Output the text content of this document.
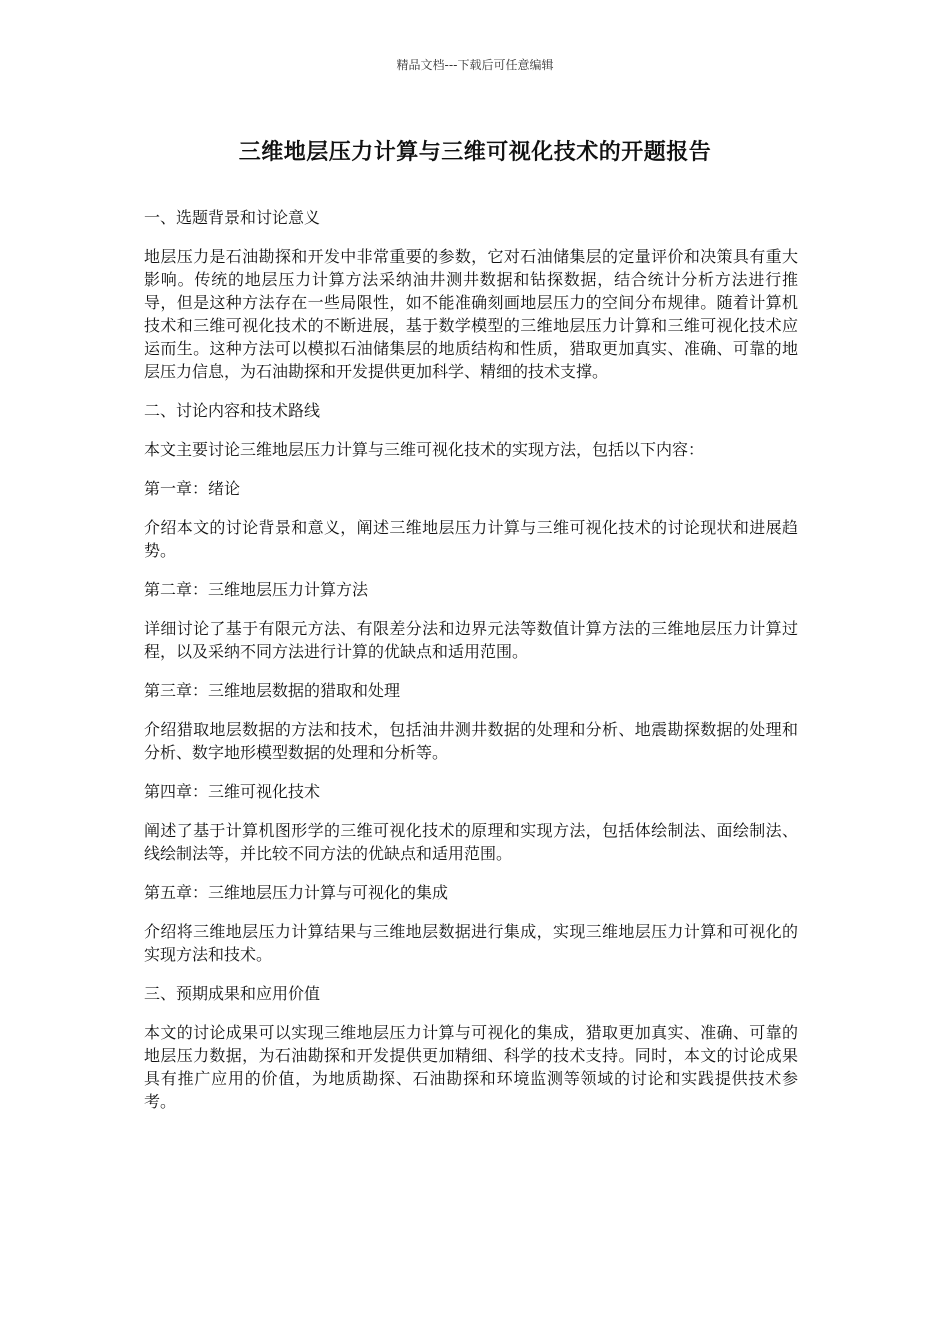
精品文档---下载后可任意编辑
三维地层压力计算与三维可视化技术的开题报告

一、选题背景和讨论意义

地层压力是石油勘探和开发中非常重要的参数，它对石油储集层的定量评价和决策具有重大影响。传统的地层压力计算方法采纳油井测井数据和钻探数据，结合统计分析方法进行推导，但是这种方法存在一些局限性，如不能准确刻画地层压力的空间分布规律。随着计算机技术和三维可视化技术的不断进展，基于数学模型的三维地层压力计算和三维可视化技术应运而生。这种方法可以模拟石油储集层的地质结构和性质，猎取更加真实、准确、可靠的地层压力信息，为石油勘探和开发提供更加科学、精细的技术支撑。

二、讨论内容和技术路线

本文主要讨论三维地层压力计算与三维可视化技术的实现方法，包括以下内容：

第一章：绪论

介绍本文的讨论背景和意义，阐述三维地层压力计算与三维可视化技术的讨论现状和进展趋势。

第二章：三维地层压力计算方法

详细讨论了基于有限元方法、有限差分法和边界元法等数值计算方法的三维地层压力计算过程，以及采纳不同方法进行计算的优缺点和适用范围。

第三章：三维地层数据的猎取和处理

介绍猎取地层数据的方法和技术，包括油井测井数据的处理和分析、地震勘探数据的处理和分析、数字地形模型数据的处理和分析等。

第四章：三维可视化技术

阐述了基于计算机图形学的三维可视化技术的原理和实现方法，包括体绘制法、面绘制法、线绘制法等，并比较不同方法的优缺点和适用范围。

第五章：三维地层压力计算与可视化的集成

介绍将三维地层压力计算结果与三维地层数据进行集成，实现三维地层压力计算和可视化的实现方法和技术。

三、预期成果和应用价值

本文的讨论成果可以实现三维地层压力计算与可视化的集成，猎取更加真实、准确、可靠的地层压力数据，为石油勘探和开发提供更加精细、科学的技术支持。同时，本文的讨论成果具有推广应用的价值，为地质勘探、石油勘探和环境监测等领域的讨论和实践提供技术参考。
